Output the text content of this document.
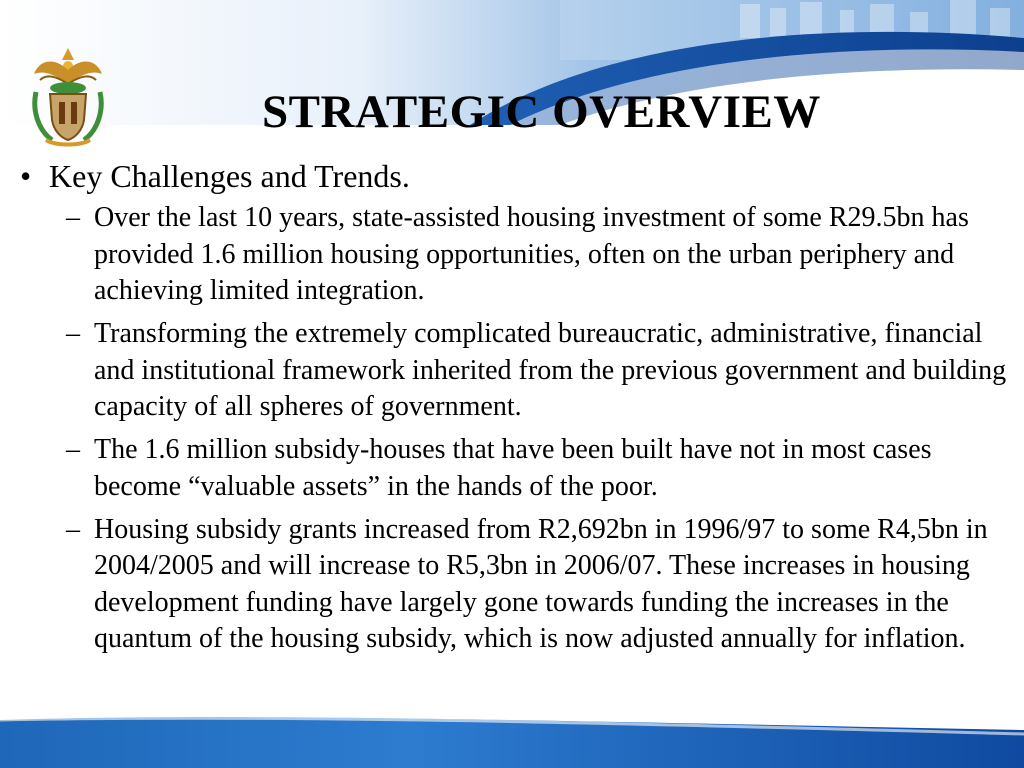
STRATEGIC OVERVIEW
• Key Challenges and Trends.
– Over the last 10 years, state-assisted housing investment of some R29.5bn has provided 1.6 million housing opportunities, often on the urban periphery and achieving limited integration.
– Transforming the extremely complicated bureaucratic, administrative, financial and institutional framework inherited from the previous government and building capacity of all spheres of government.
– The 1.6 million subsidy-houses that have been built have not in most cases become “valuable assets” in the hands of the poor.
– Housing subsidy grants increased from R2,692bn in 1996/97 to some R4,5bn in 2004/2005 and will increase to R5,3bn in 2006/07. These increases in housing development funding have largely gone towards funding the increases in the quantum of the housing subsidy, which is now adjusted annually for inflation.
